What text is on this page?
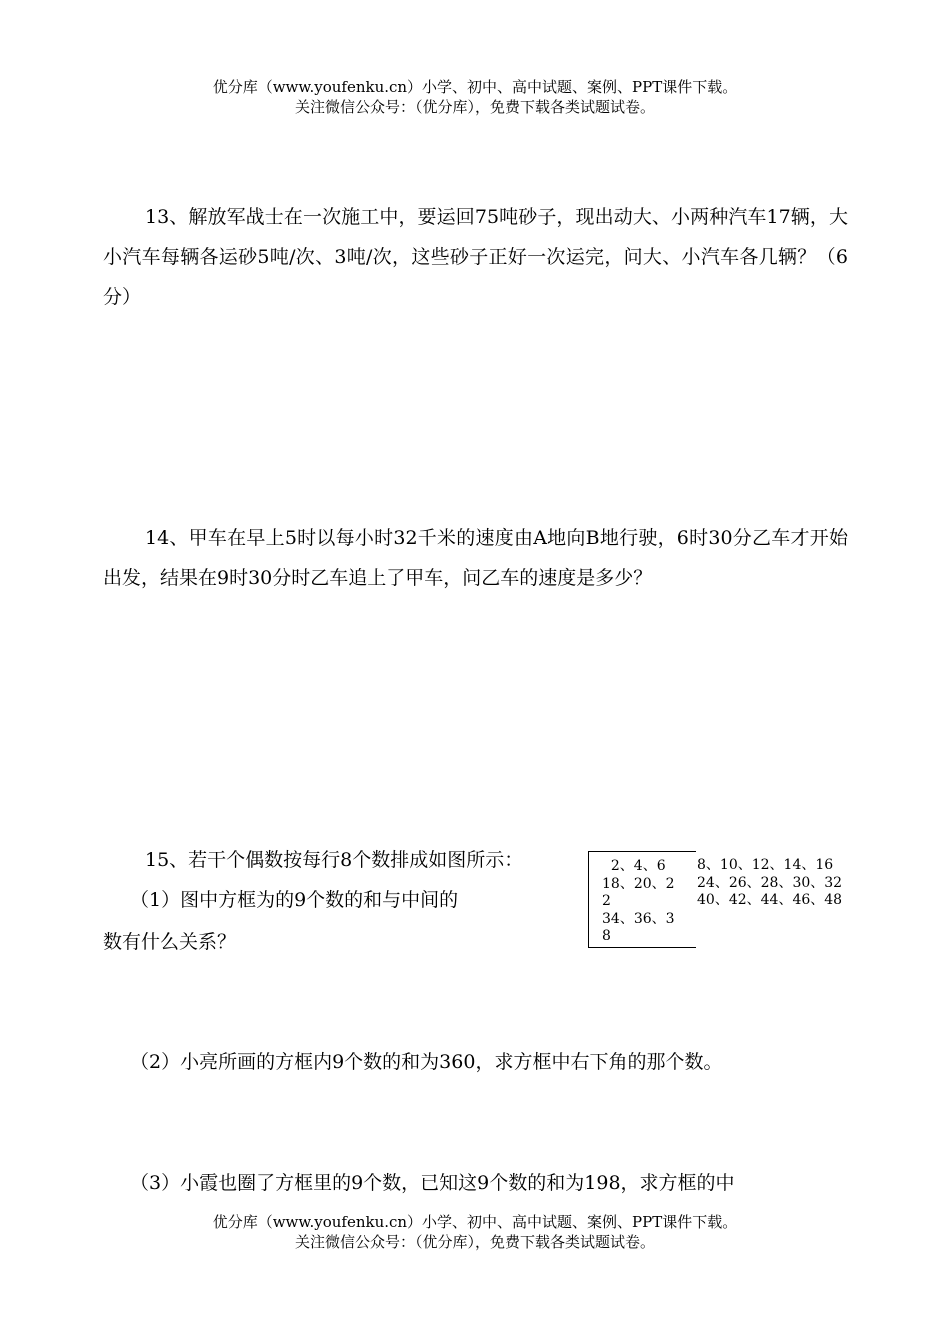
优分库（www.youfenku.cn）小学、初中、高中试题、案例、PPT课件下载。
关注微信公众号：（优分库），免费下载各类试题试卷。
13、解放军战士在一次施工中，要运回75吨砂子，现出动大、小两种汽车17辆，大小汽车每辆各运砂5吨/次、3吨/次，这些砂子正好一次运完，问大、小汽车各几辆？（6分）
14、甲车在早上5时以每小时32千米的速度由A地向B地行驶，6时30分乙车才开始出发，结果在9时30分时乙车追上了甲车，问乙车的速度是多少？
15、若干个偶数按每行8个数排成如图所示：
（1）图中方框为的9个数的和与中间的
数有什么关系？
2、4、6
18、20、2
2
34、36、3
8
8、10、12、14、16
24、26、28、30、32
40、42、44、46、48
（2）小亮所画的方框内9个数的和为360，求方框中右下角的那个数。
（3）小霞也圈了方框里的9个数，已知这9个数的和为198，求方框的中
优分库（www.youfenku.cn）小学、初中、高中试题、案例、PPT课件下载。
关注微信公众号：（优分库），免费下载各类试题试卷。
